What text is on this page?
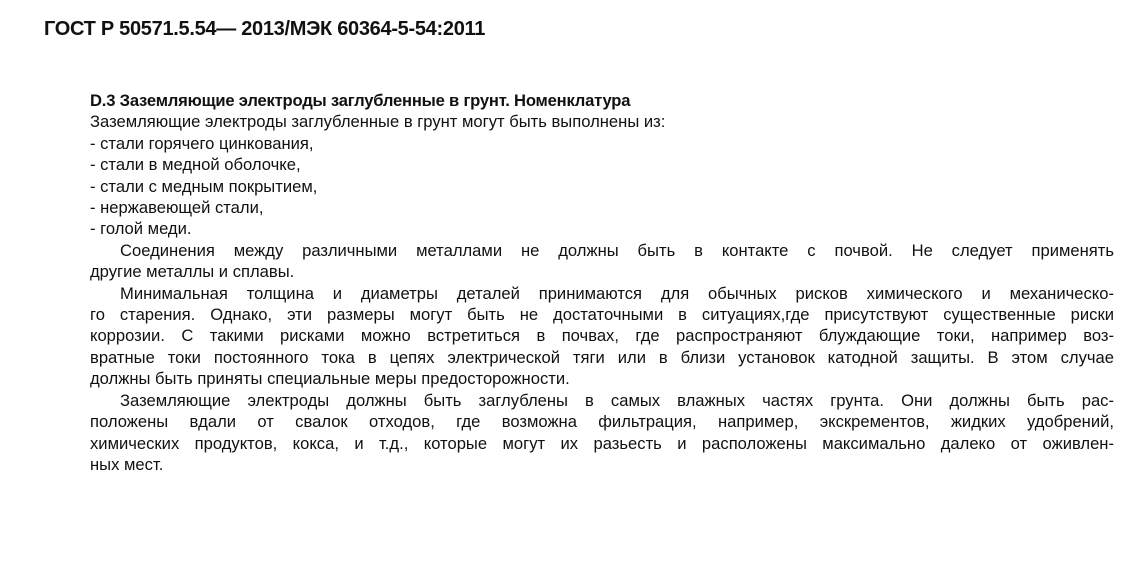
ГОСТ Р 50571.5.54— 2013/МЭК 60364-5-54:2011
D.3 Заземляющие электроды заглубленные в грунт. Номенклатура
Заземляющие электроды заглубленные в грунт могут быть выполнены из:
- стали горячего цинкования,
- стали в медной оболочке,
- стали с медным покрытием,
- нержавеющей стали,
- голой меди.
Соединения между различными металлами не должны быть в контакте с почвой. Не следует применять
другие металлы и сплавы.
Минимальная толщина и диаметры деталей принимаются для обычных рисков химического и механическо-
го старения. Однако, эти размеры могут быть не достаточными в ситуациях,где присутствуют существенные риски
коррозии. С такими рисками можно встретиться в почвах, где распространяют блуждающие токи, например воз-
вратные токи постоянного тока в цепях электрической тяги или в близи установок катодной защиты. В этом случае
должны быть приняты специальные меры предосторожности.
Заземляющие электроды должны быть заглублены в самых влажных частях грунта. Они должны быть рас-
положены вдали от свалок отходов, где возможна фильтрация, например, экскрементов, жидких удобрений,
химических продуктов, кокса, и т.д., которые могут их разьесть и расположены максимально далеко от оживлен-
ных мест.
